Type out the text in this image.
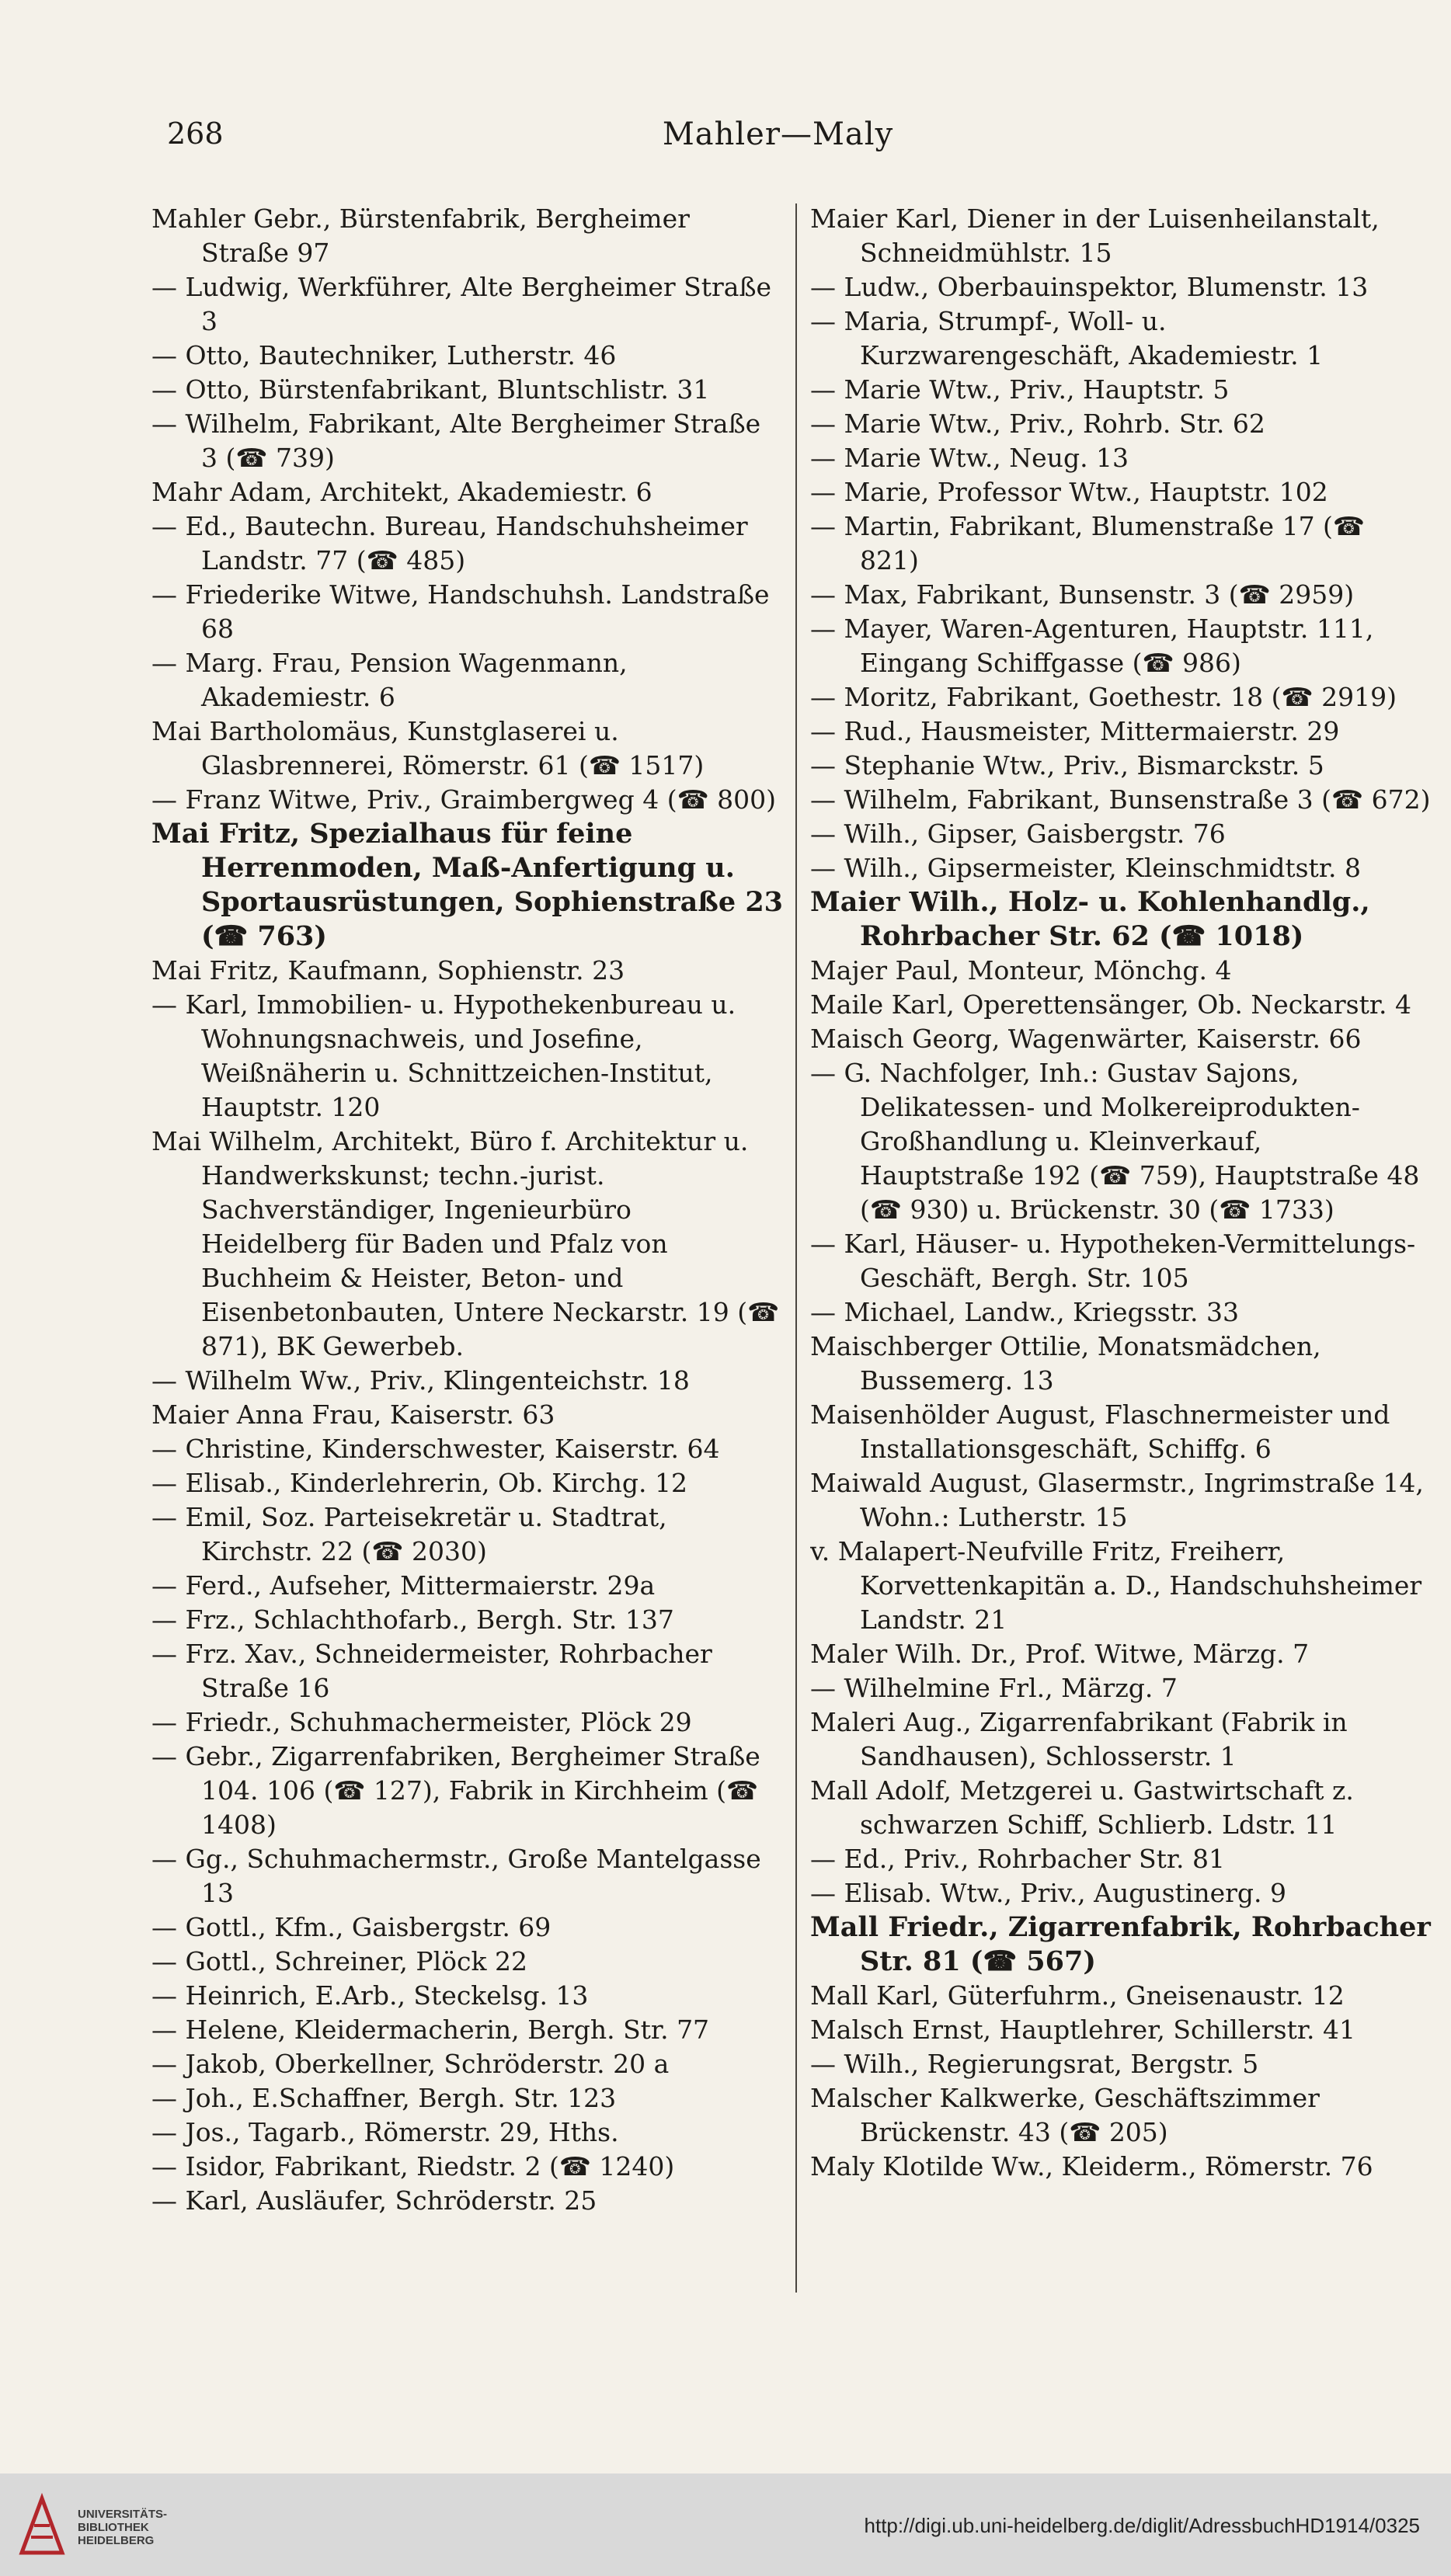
268	Mahler—Maly

Mahler Gebr., Bürstenfabrik, Bergheimer Straße 97

— Ludwig, Werkführer, Alte Bergheimer Straße 3

— Otto, Bautechniker, Lutherstr. 46

— Otto, Bürstenfabrikant, Bluntschlistr. 31

— Wilhelm, Fabrikant, Alte Bergheimer Straße 3 (☎ 739)

Mahr Adam, Architekt, Akademiestr. 6

— Ed., Bautechn. Bureau, Handschuhsheimer Landstr. 77 (☎ 485)

— Friederike Witwe, Handschuhsh. Landstraße 68

— Marg. Frau, Pension Wagenmann, Akademiestr. 6

Mai Bartholomäus, Kunstglaserei u. Glasbrennerei, Römerstr. 61 (☎ 1517)

— Franz Witwe, Priv., Graimbergweg 4 (☎ 800)

Mai Fritz, Spezialhaus für feine Herrenmoden, Maß-Anfertigung u. Sportausrüstungen, Sophienstraße 23 (☎ 763)

Mai Fritz, Kaufmann, Sophienstr. 23

— Karl, Immobilien- u. Hypothekenbureau u. Wohnungsnachweis, und Josefine, Weißnäherin u. Schnittzeichen-Institut, Hauptstr. 120

Mai Wilhelm, Architekt, Büro f. Architektur u. Handwerkskunst; techn.-jurist. Sachverständiger, Ingenieurbüro Heidelberg für Baden und Pfalz von Buchheim & Heister, Beton- und Eisenbetonbauten, Untere Neckarstr. 19 (☎ 871), BK Gewerbeb.

— Wilhelm Ww., Priv., Klingenteichstr. 18

Maier Anna Frau, Kaiserstr. 63

— Christine, Kinderschwester, Kaiserstr. 64

— Elisab., Kinderlehrerin, Ob. Kirchg. 12

— Emil, Soz. Parteisekretär u. Stadtrat, Kirchstr. 22 (☎ 2030)

— Ferd., Aufseher, Mittermaierstr. 29a

— Frz., Schlachthofarb., Bergh. Str. 137

— Frz. Xav., Schneidermeister, Rohrbacher Straße 16

— Friedr., Schuhmachermeister, Plöck 29

— Gebr., Zigarrenfabriken, Bergheimer Straße 104. 106 (☎ 127), Fabrik in Kirchheim (☎ 1408)

— Gg., Schuhmachermstr., Große Mantelgasse 13

— Gottl., Kfm., Gaisbergstr. 69

— Gottl., Schreiner, Plöck 22

— Heinrich, E.Arb., Steckelsg. 13

— Helene, Kleidermacherin, Bergh. Str. 77

— Jakob, Oberkellner, Schröderstr. 20 a

— Joh., E.Schaffner, Bergh. Str. 123

— Jos., Tagarb., Römerstr. 29, Hths.

— Isidor, Fabrikant, Riedstr. 2 (☎ 1240)

— Karl, Ausläufer, Schröderstr. 25

Maier Karl, Diener in der Luisenheilanstalt, Schneidmühlstr. 15

— Ludw., Oberbauinspektor, Blumenstr. 13

— Maria, Strumpf-, Woll- u. Kurzwarengeschäft, Akademiestr. 1

— Marie Wtw., Priv., Hauptstr. 5

— Marie Wtw., Priv., Rohrb. Str. 62

— Marie Wtw., Neug. 13

— Marie, Professor Wtw., Hauptstr. 102

— Martin, Fabrikant, Blumenstraße 17 (☎ 821)

— Max, Fabrikant, Bunsenstr. 3 (☎ 2959)

— Mayer, Waren-Agenturen, Hauptstr. 111, Eingang Schiffgasse (☎ 986)

— Moritz, Fabrikant, Goethestr. 18 (☎ 2919)

— Rud., Hausmeister, Mittermaierstr. 29

— Stephanie Wtw., Priv., Bismarckstr. 5

— Wilhelm, Fabrikant, Bunsenstraße 3 (☎ 672)

— Wilh., Gipser, Gaisbergstr. 76

— Wilh., Gipsermeister, Kleinschmidtstr. 8

Maier Wilh., Holz- u. Kohlenhandlg., Rohrbacher Str. 62 (☎ 1018)

Majer Paul, Monteur, Mönchg. 4

Maile Karl, Operettensänger, Ob. Neckarstr. 4

Maisch Georg, Wagenwärter, Kaiserstr. 66

— G. Nachfolger, Inh.: Gustav Sajons, Delikatessen- und Molkereiprodukten-Großhandlung u. Kleinverkauf, Hauptstraße 192 (☎ 759), Hauptstraße 48 (☎ 930) u. Brückenstr. 30 (☎ 1733)

— Karl, Häuser- u. Hypotheken-Vermittelungs-Geschäft, Bergh. Str. 105

— Michael, Landw., Kriegsstr. 33

Maischberger Ottilie, Monatsmädchen, Bussemerg. 13

Maisenhölder August, Flaschnermeister und Installationsgeschäft, Schiffg. 6

Maiwald August, Glasermstr., Ingrimstraße 14, Wohn.: Lutherstr. 15

v. Malapert-Neufville Fritz, Freiherr, Korvettenkapitän a. D., Handschuhsheimer Landstr. 21

Maler Wilh. Dr., Prof. Witwe, Märzg. 7

— Wilhelmine Frl., Märzg. 7

Maleri Aug., Zigarrenfabrikant (Fabrik in Sandhausen), Schlosserstr. 1

Mall Adolf, Metzgerei u. Gastwirtschaft z. schwarzen Schiff, Schlierb. Ldstr. 11

— Ed., Priv., Rohrbacher Str. 81

— Elisab. Wtw., Priv., Augustinerg. 9

Mall Friedr., Zigarrenfabrik, Rohrbacher Str. 81 (☎ 567)

Mall Karl, Güterfuhrm., Gneisenaustr. 12

Malsch Ernst, Hauptlehrer, Schillerstr. 41

— Wilh., Regierungsrat, Bergstr. 5

Malscher Kalkwerke, Geschäftszimmer Brückenstr. 43 (☎ 205)

Maly Klotilde Ww., Kleiderm., Römerstr. 76

UNIVERSITÄTS-
BIBLIOTHEK
HEIDELBERG
http://digi.ub.uni-heidelberg.de/diglit/AdressbuchHD1914/0325
